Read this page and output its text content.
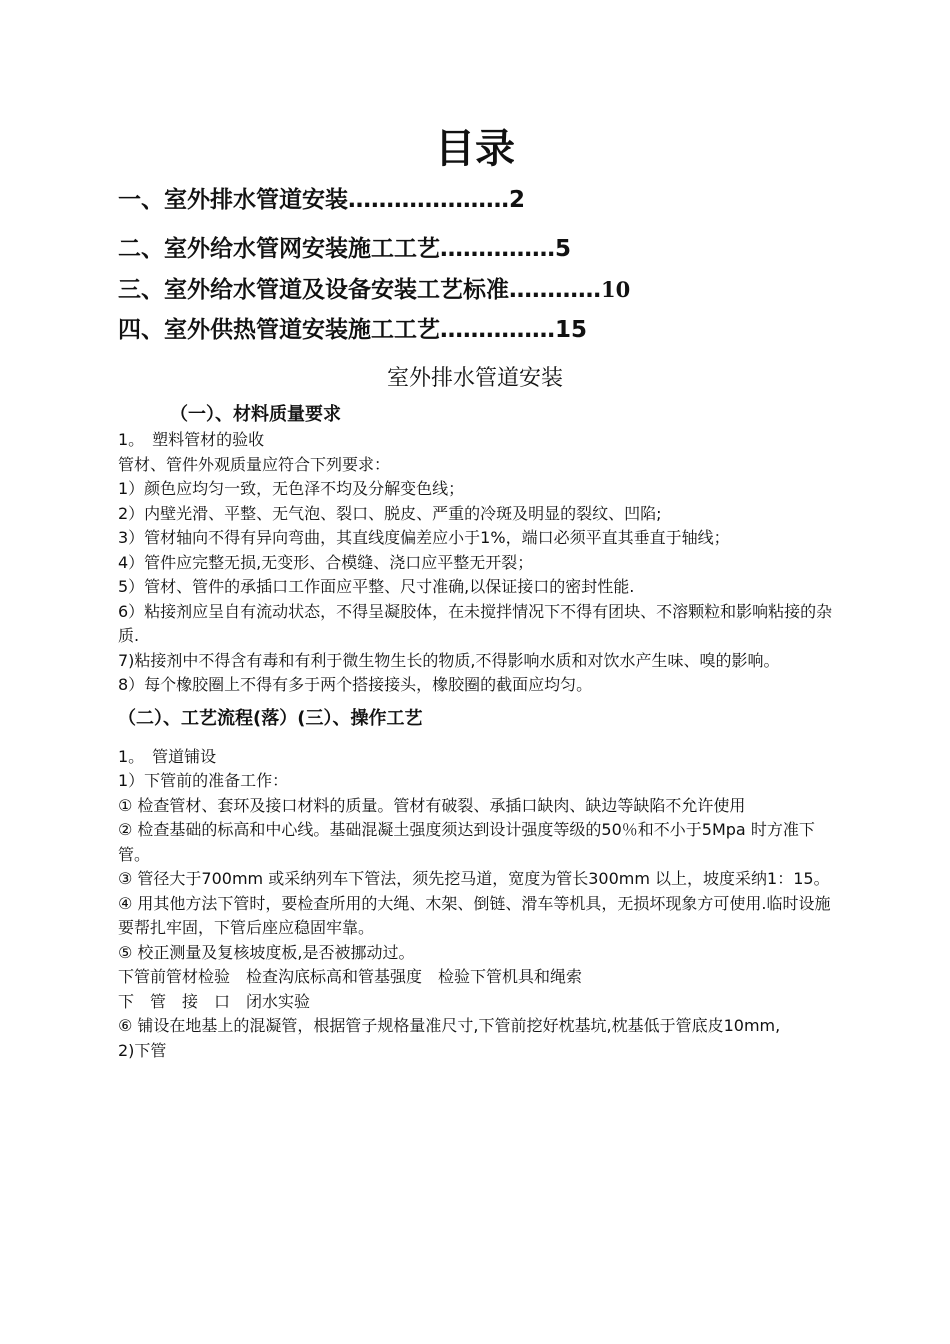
目录
一、室外排水管道安装…………………2
二、室外给水管网安装施工工艺……………5
三、室外给水管道及设备安装工艺标准…………10
四、室外供热管道安装施工工艺……………15
室外排水管道安装
（一）、材料质量要求

1。　塑料管材的验收

管材、管件外观质量应符合下列要求：

1）颜色应均匀一致，无色泽不均及分解变色线；

2）内壁光滑、平整、无气泡、裂口、脱皮、严重的冷斑及明显的裂纹、凹陷;

3）管材轴向不得有异向弯曲，其直线度偏差应小于1%，端口必须平直其垂直于轴线；

4）管件应完整无损,无变形、合模缝、浇口应平整无开裂；

5）管材、管件的承插口工作面应平整、尺寸准确,以保证接口的密封性能.

6）粘接剂应呈自有流动状态，不得呈凝胶体，在未搅拌情况下不得有团块、不溶颗粒和影响粘接的杂质.

7)粘接剂中不得含有毒和有利于微生物生长的物质,不得影响水质和对饮水产生味、嗅的影响。

8）每个橡胶圈上不得有多于两个搭接接头，橡胶圈的截面应均匀。

（二）、工艺流程(落）(三）、操作工艺

1。　管道铺设

1）下管前的准备工作：

① 检查管材、套环及接口材料的质量。管材有破裂、承插口缺肉、缺边等缺陷不允许使用

② 检查基础的标高和中心线。基础混凝土强度须达到设计强度等级的50％和不小于5Mpa 时方准下管。

③ 管径大于700mm 或采纳列车下管法，须先挖马道，宽度为管长300mm 以上，坡度采纳1：15。

④ 用其他方法下管时，要检查所用的大绳、木架、倒链、滑车等机具，无损坏现象方可使用.临时设施要帮扎牢固，下管后座应稳固牢靠。

⑤ 校正测量及复核坡度板,是否被挪动过。

下管前管材检验　检查沟底标高和管基强度　检验下管机具和绳索

下　管　接　口　闭水实验

⑥ 铺设在地基上的混凝管，根据管子规格量准尺寸,下管前挖好枕基坑,枕基低于管底皮10mm,

2)下管
